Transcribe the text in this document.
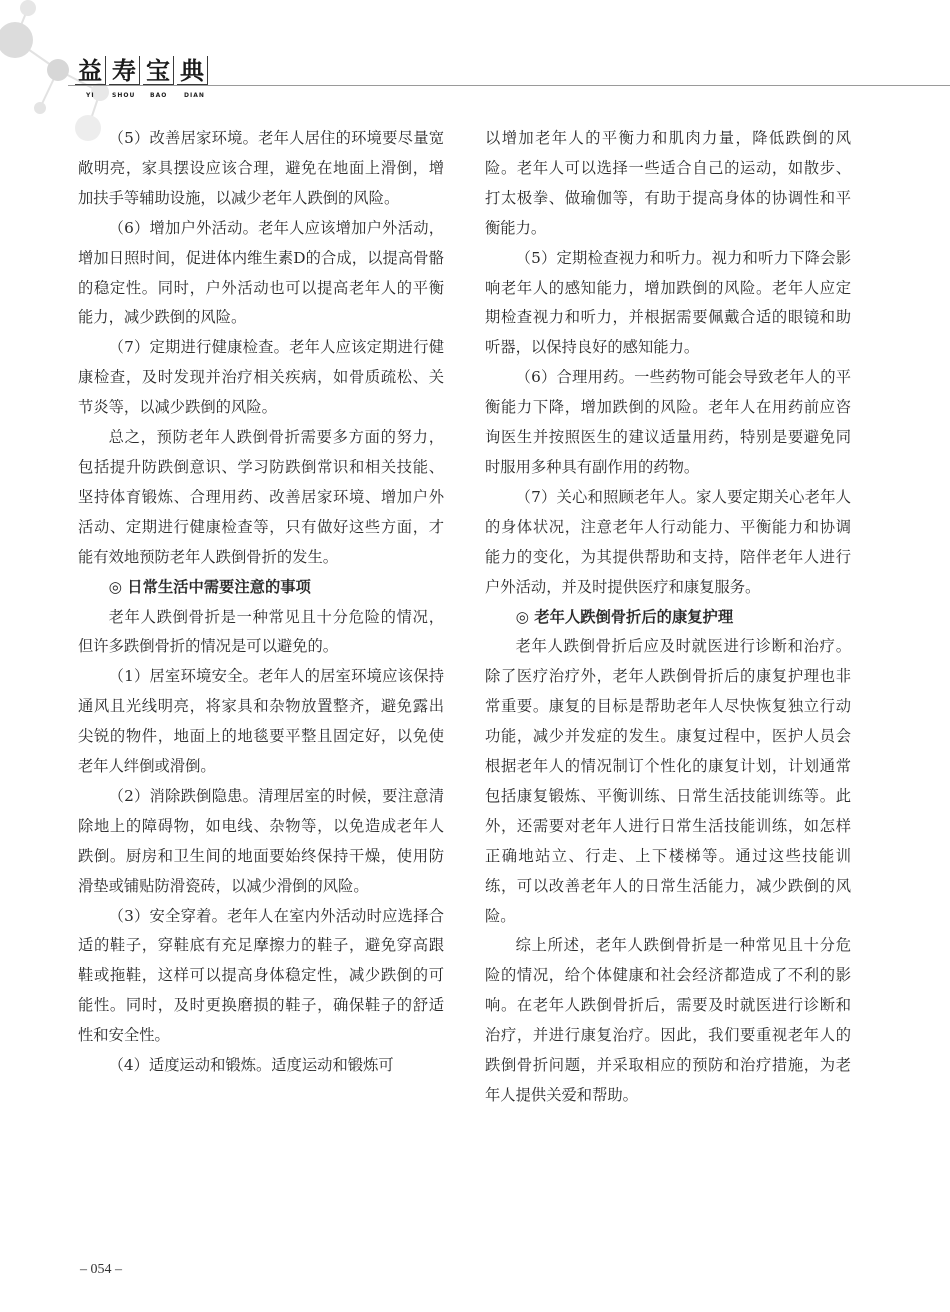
益 寿 宝 典
YI	SHOU BAO	DIAN

（5）改善居家环境。老年人居住的环境要尽量宽敞明亮，家具摆设应该合理，避免在地面上滑倒，增加扶手等辅助设施，以减少老年人跌倒的风险。

（6）增加户外活动。老年人应该增加户外活动，增加日照时间，促进体内维生素D的合成，以提高骨骼的稳定性。同时，户外活动也可以提高老年人的平衡能力，减少跌倒的风险。

（7）定期进行健康检查。老年人应该定期进行健康检查，及时发现并治疗相关疾病，如骨质疏松、关节炎等，以减少跌倒的风险。

总之，预防老年人跌倒骨折需要多方面的努力，包括提升防跌倒意识、学习防跌倒常识和相关技能、坚持体育锻炼、合理用药、改善居家环境、增加户外活动、定期进行健康检查等，只有做好这些方面，才能有效地预防老年人跌倒骨折的发生。

◎ 日常生活中需要注意的事项

老年人跌倒骨折是一种常见且十分危险的情况，但许多跌倒骨折的情况是可以避免的。

（1）居室环境安全。老年人的居室环境应该保持通风且光线明亮，将家具和杂物放置整齐，避免露出尖锐的物件，地面上的地毯要平整且固定好，以免使老年人绊倒或滑倒。

（2）消除跌倒隐患。清理居室的时候，要注意清除地上的障碍物，如电线、杂物等，以免造成老年人跌倒。厨房和卫生间的地面要始终保持干燥，使用防滑垫或铺贴防滑瓷砖，以减少滑倒的风险。

（3）安全穿着。老年人在室内外活动时应选择合适的鞋子，穿鞋底有充足摩擦力的鞋子，避免穿高跟鞋或拖鞋，这样可以提高身体稳定性，减少跌倒的可能性。同时，及时更换磨损的鞋子，确保鞋子的舒适性和安全性。

（4）适度运动和锻炼。适度运动和锻炼可

以增加老年人的平衡力和肌肉力量，降低跌倒的风险。老年人可以选择一些适合自己的运动，如散步、打太极拳、做瑜伽等，有助于提高身体的协调性和平衡能力。

（5）定期检查视力和听力。视力和听力下降会影响老年人的感知能力，增加跌倒的风险。老年人应定期检查视力和听力，并根据需要佩戴合适的眼镜和助听器，以保持良好的感知能力。

（6）合理用药。一些药物可能会导致老年人的平衡能力下降，增加跌倒的风险。老年人在用药前应咨询医生并按照医生的建议适量用药，特别是要避免同时服用多种具有副作用的药物。

（7）关心和照顾老年人。家人要定期关心老年人的身体状况，注意老年人行动能力、平衡能力和协调能力的变化，为其提供帮助和支持，陪伴老年人进行户外活动，并及时提供医疗和康复服务。

◎ 老年人跌倒骨折后的康复护理

老年人跌倒骨折后应及时就医进行诊断和治疗。除了医疗治疗外，老年人跌倒骨折后的康复护理也非常重要。康复的目标是帮助老年人尽快恢复独立行动功能，减少并发症的发生。康复过程中，医护人员会根据老年人的情况制订个性化的康复计划，计划通常包括康复锻炼、平衡训练、日常生活技能训练等。此外，还需要对老年人进行日常生活技能训练，如怎样正确地站立、行走、上下楼梯等。通过这些技能训练，可以改善老年人的日常生活能力，减少跌倒的风险。

综上所述，老年人跌倒骨折是一种常见且十分危险的情况，给个体健康和社会经济都造成了不利的影响。在老年人跌倒骨折后，需要及时就医进行诊断和治疗，并进行康复治疗。因此，我们要重视老年人的跌倒骨折问题，并采取相应的预防和治疗措施，为老年人提供关爱和帮助。

– 054 –
